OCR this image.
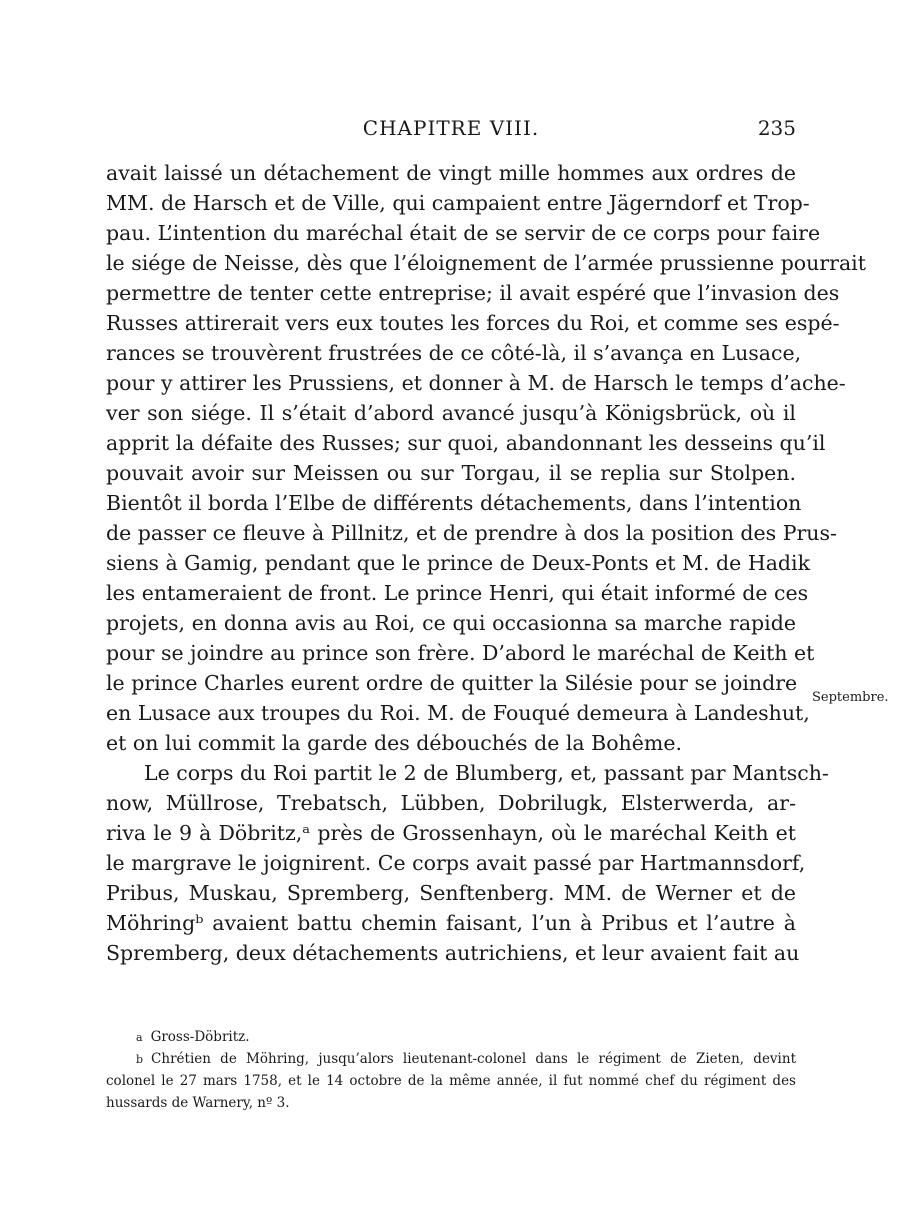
CHAPITRE VIII.	235
avait laissé un détachement de vingt mille hommes aux ordres de
MM. de Harsch et de Ville, qui campaient entre Jägerndorf et Trop-
pau. L’intention du maréchal était de se servir de ce corps pour faire
le siége de Neisse, dès que l’éloignement de l’armée prussienne pourrait
permettre de tenter cette entreprise; il avait espéré que l’invasion des
Russes attirerait vers eux toutes les forces du Roi, et comme ses espé-
rances se trouvèrent frustrées de ce côté-là, il s’avança en Lusace,
pour y attirer les Prussiens, et donner à M. de Harsch le temps d’ache-
ver son siége. Il s’était d’abord avancé jusqu’à Königsbrück, où il
apprit la défaite des Russes; sur quoi, abandonnant les desseins qu’il
pouvait avoir sur Meissen ou sur Torgau, il se replia sur Stolpen.
Bientôt il borda l’Elbe de différents détachements, dans l’intention
de passer ce fleuve à Pillnitz, et de prendre à dos la position des Prus-
siens à Gamig, pendant que le prince de Deux-Ponts et M. de Hadik
les entameraient de front. Le prince Henri, qui était informé de ces
projets, en donna avis au Roi, ce qui occasionna sa marche rapide
pour se joindre au prince son frère. D’abord le maréchal de Keith et
le prince Charles eurent ordre de quitter la Silésie pour se joindre
en Lusace aux troupes du Roi. M. de Fouqué demeura à Landeshut,
et on lui commit la garde des débouchés de la Bohême.
Le corps du Roi partit le 2 de Blumberg, et, passant par Mantsch-
now, Müllrose, Trebatsch, Lübben, Dobrilugk, Elsterwerda, ar-
riva le 9 à Döbritz,ᵃ près de Grossenhayn, où le maréchal Keith et
le margrave le joignirent. Ce corps avait passé par Hartmannsdorf,
Pribus, Muskau, Spremberg, Senftenberg. MM. de Werner et de
Möhringᵇ avaient battu chemin faisant, l’un à Pribus et l’autre à
Spremberg, deux détachements autrichiens, et leur avaient fait au
Septembre.
a Gross-Döbritz.
b Chrétien de Möhring, jusqu’alors lieutenant-colonel dans le régiment de Zieten, devint
colonel le 27 mars 1758, et le 14 octobre de la même année, il fut nommé chef du régiment des
hussards de Warnery, nº 3.
